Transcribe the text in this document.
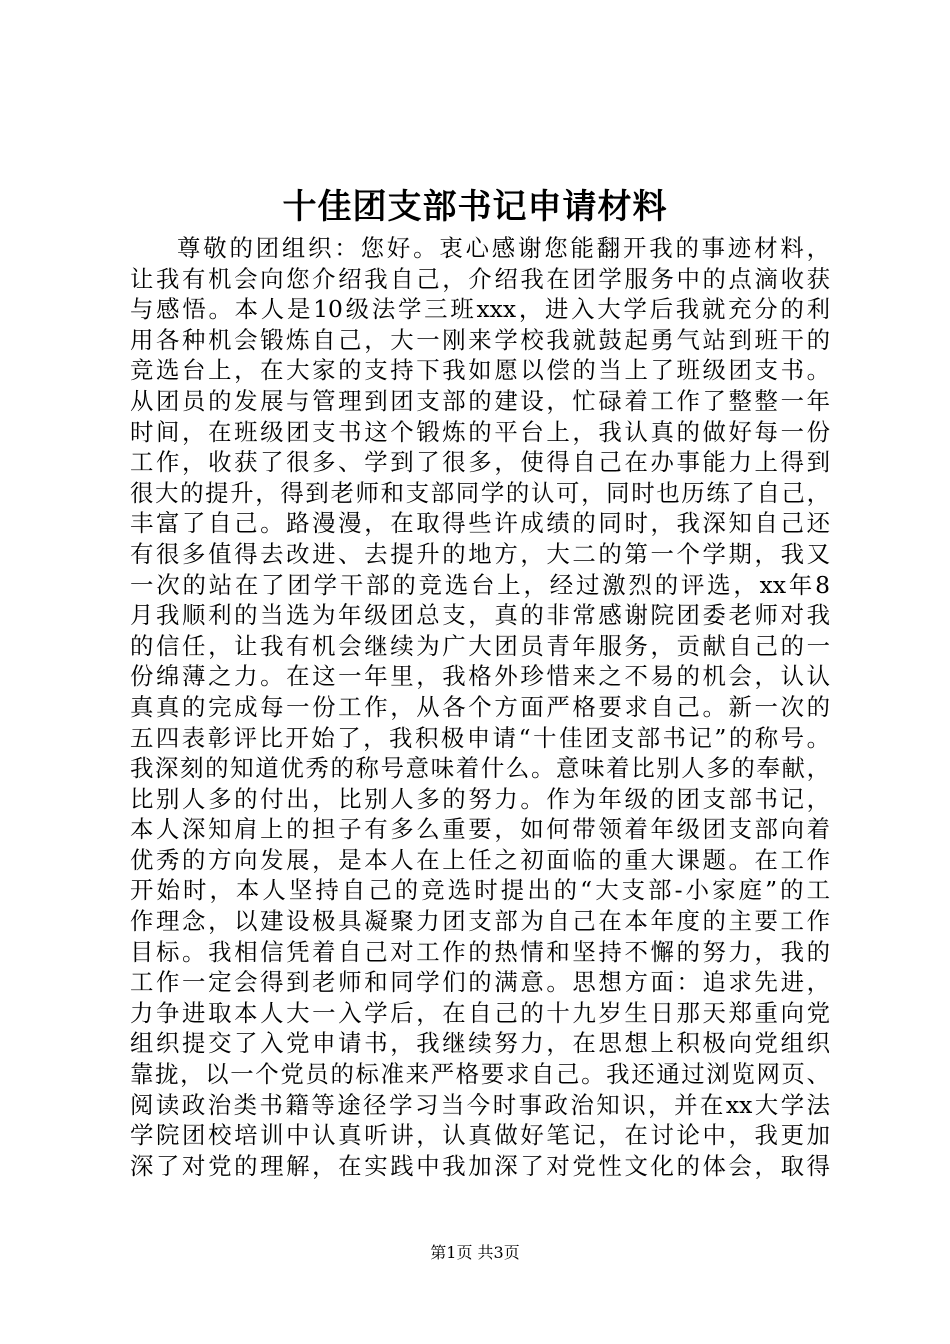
十佳团支部书记申请材料
尊敬的团组织：您好。衷心感谢您能翻开我的事迹材料，
让我有机会向您介绍我自己，介绍我在团学服务中的点滴收获
与感悟。本人是10级法学三班xxx，进入大学后我就充分的利
用各种机会锻炼自己，大一刚来学校我就鼓起勇气站到班干的
竞选台上，在大家的支持下我如愿以偿的当上了班级团支书。
从团员的发展与管理到团支部的建设，忙碌着工作了整整一年
时间，在班级团支书这个锻炼的平台上，我认真的做好每一份
工作，收获了很多、学到了很多，使得自己在办事能力上得到
很大的提升，得到老师和支部同学的认可，同时也历练了自己，
丰富了自己。路漫漫，在取得些许成绩的同时，我深知自己还
有很多值得去改进、去提升的地方，大二的第一个学期，我又
一次的站在了团学干部的竞选台上，经过激烈的评选，xx年8
月我顺利的当选为年级团总支，真的非常感谢院团委老师对我
的信任，让我有机会继续为广大团员青年服务，贡献自己的一
份绵薄之力。在这一年里，我格外珍惜来之不易的机会，认认
真真的完成每一份工作，从各个方面严格要求自己。新一次的
五四表彰评比开始了，我积极申请“十佳团支部书记”的称号。
我深刻的知道优秀的称号意味着什么。意味着比别人多的奉献，
比别人多的付出，比别人多的努力。作为年级的团支部书记，
本人深知肩上的担子有多么重要，如何带领着年级团支部向着
优秀的方向发展，是本人在上任之初面临的重大课题。在工作
开始时，本人坚持自己的竞选时提出的“大支部-小家庭”的工
作理念，以建设极具凝聚力团支部为自己在本年度的主要工作
目标。我相信凭着自己对工作的热情和坚持不懈的努力，我的
工作一定会得到老师和同学们的满意。思想方面：追求先进，
力争进取本人大一入学后，在自己的十九岁生日那天郑重向党
组织提交了入党申请书，我继续努力，在思想上积极向党组织
靠拢，以一个党员的标准来严格要求自己。我还通过浏览网页、
阅读政治类书籍等途径学习当今时事政治知识，并在xx大学法
学院团校培训中认真听讲，认真做好笔记，在讨论中，我更加
深了对党的理解，在实践中我加深了对党性文化的体会，取得
第1页 共3页
